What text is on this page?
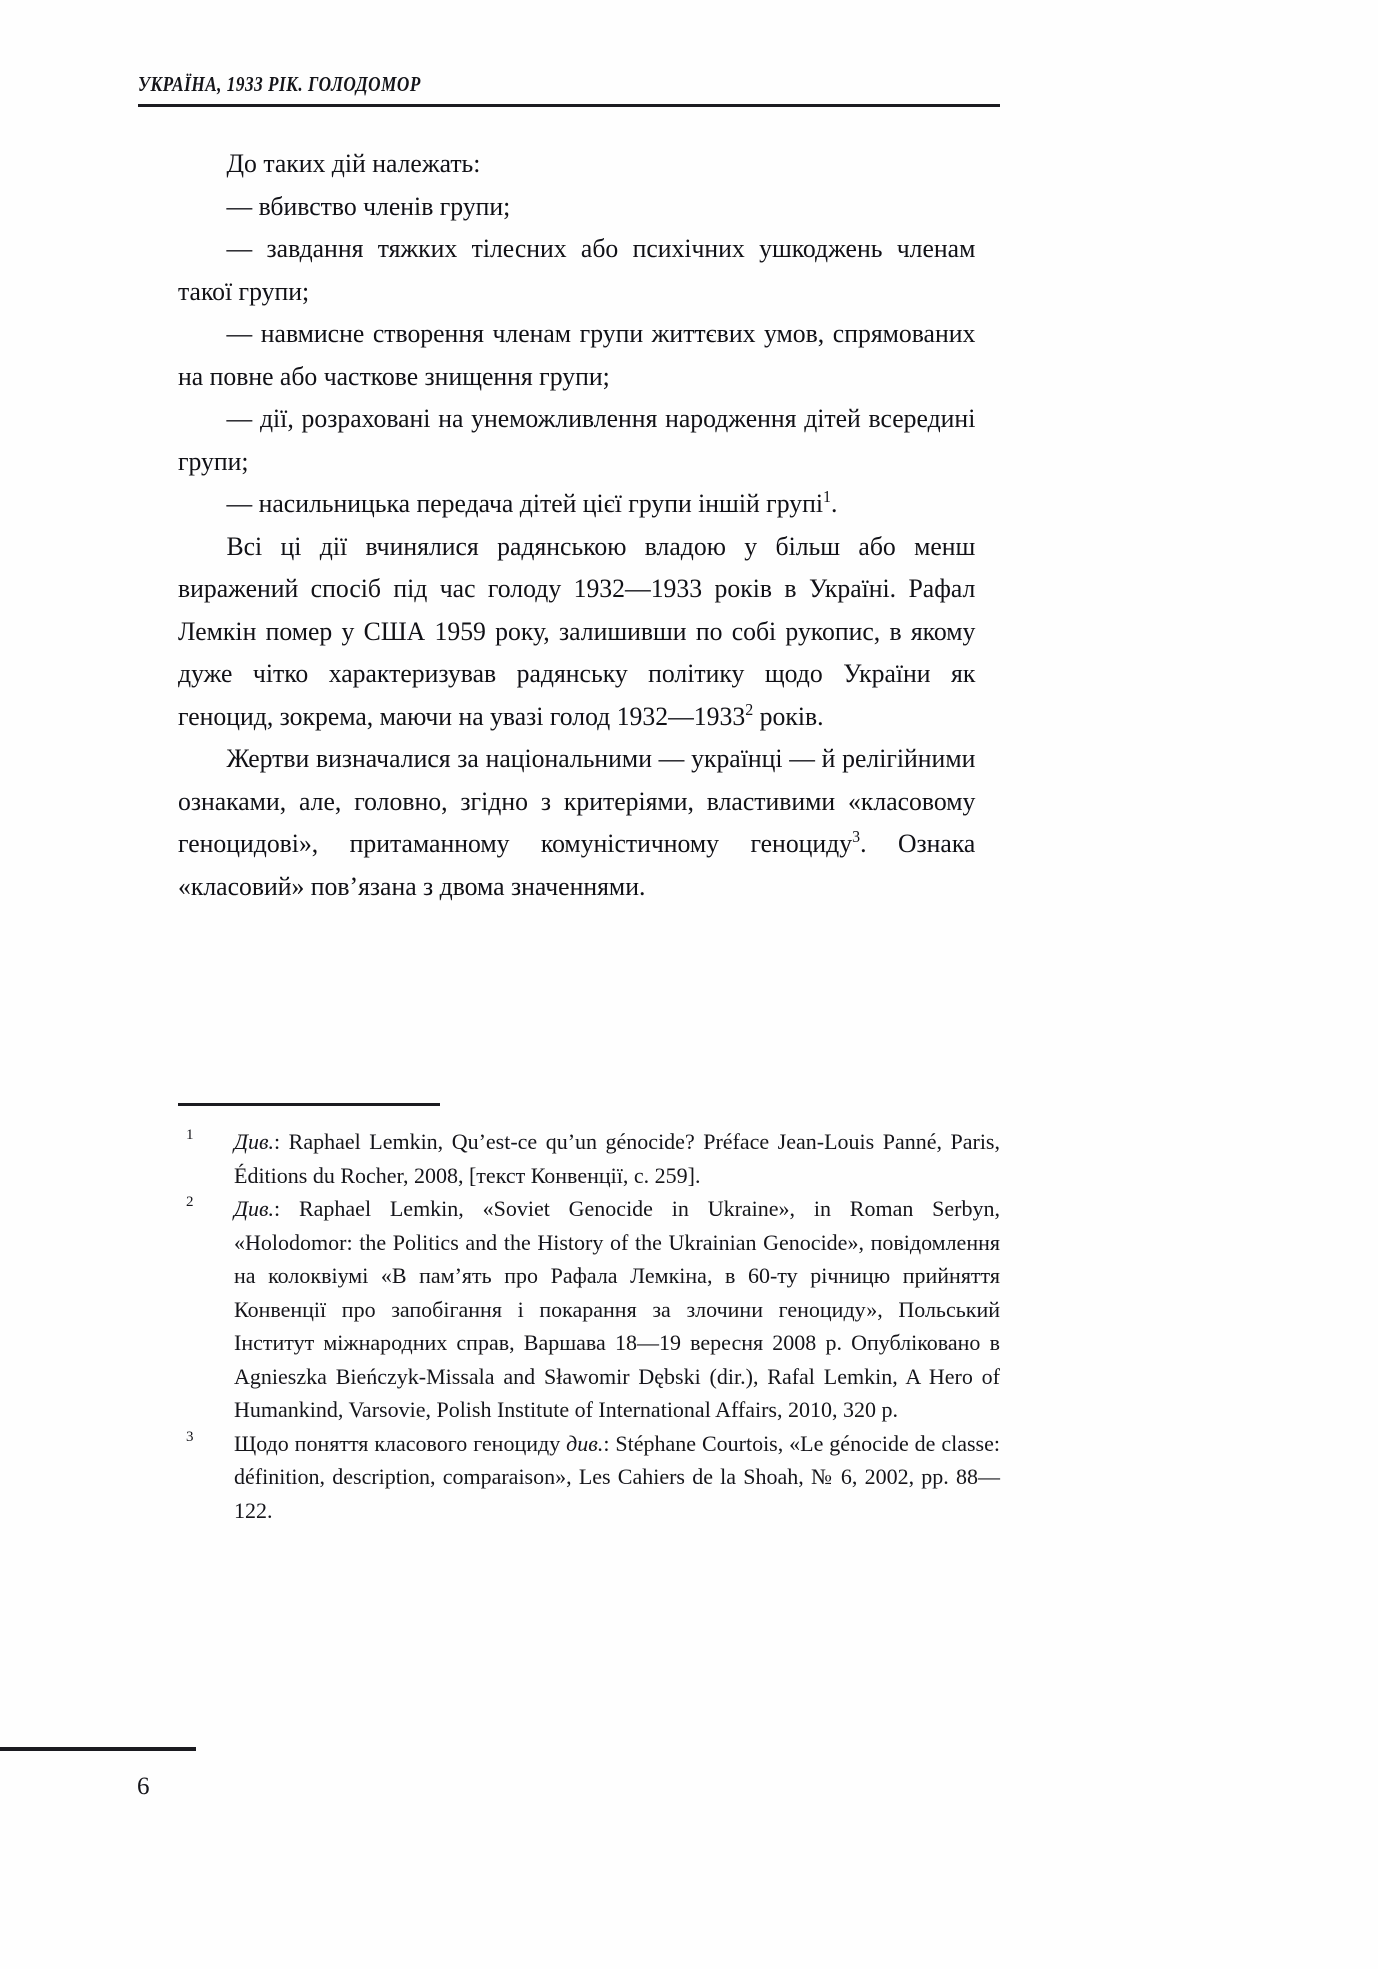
УКРАЇНА, 1933 РІК. ГОЛОДОМОР

До таких дій належать:

— вбивство членів групи;

— завдання тяжких тілесних або психічних ушкоджень членам такої групи;

— навмисне створення членам групи життєвих умов, спрямованих на повне або часткове знищення групи;

— дії, розраховані на унеможливлення народження дітей всередині групи;

— насильницька передача дітей цієї групи іншій групі$^1$.

Всі ці дії вчинялися радянською владою у більш або менш виражений спосіб під час голоду 1932—1933 років в Україні. Рафал Лемкін помер у США 1959 року, залишивши по собі рукопис, в якому дуже чітко характеризував радянську політику щодо України як геноцид, зокрема, маючи на увазі голод 1932—1933$^2$ років.

Жертви визначалися за національними — українці — й релігійними ознаками, але, головно, згідно з критеріями, властивими «класовому геноцидові», притаманному комуністичному геноциду$^3$. Ознака «класовий» пов’язана з двома значеннями.

1	Див.: Raphael Lemkin, Qu’est-ce qu’un génocide? Préface Jean-Louis Panné, Paris, Éditions du Rocher, 2008, [текст Конвенції, с. 259].
2	Див.: Raphael Lemkin, «Soviet Genocide in Ukraine», in Roman Serbyn, «Holodomor: the Politics and the History of the Ukrainian Genocide», повідомлення на колоквіумі «В пам’ять про Рафала Лемкіна, в 60-ту річницю прийняття Конвенції про запобігання і покарання за злочини геноциду», Польський Інститут міжнародних справ, Варшава 18—19 вересня 2008 р. Опубліковано в Agnieszka Bieńczyk-Missala and Sławomir Dębski (dir.), Rafal Lemkin, A Hero of Humankind, Varsovie, Polish Institute of International Affairs, 2010, 320 p.
3	Щодо поняття класового геноциду див.: Stéphane Courtois, «Le génocide de classe: définition, description, comparaison», Les Cahiers de la Shoah, № 6, 2002, pp. 88—122.
6
